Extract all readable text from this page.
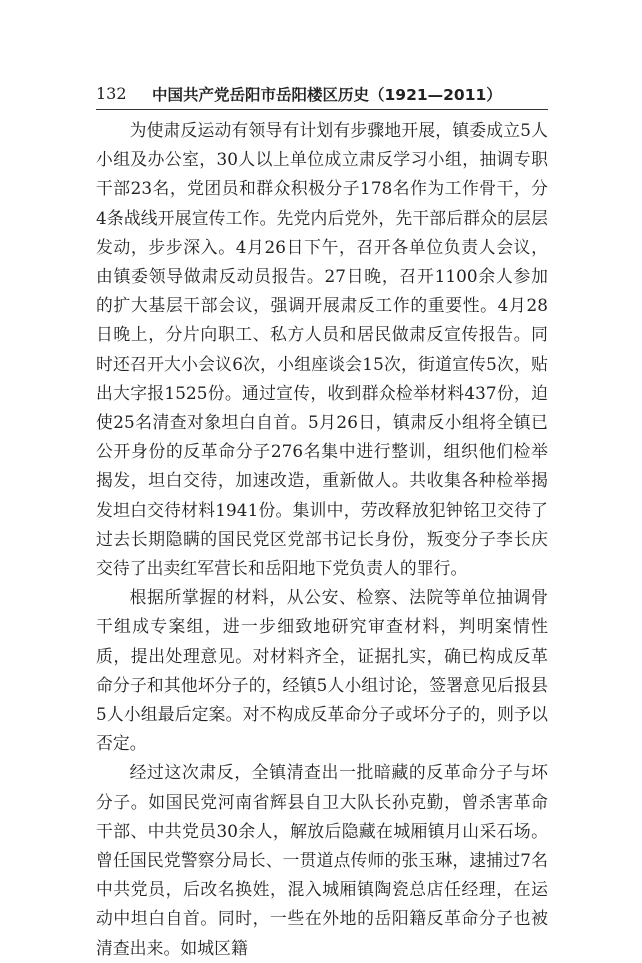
132 中国共产党岳阳市岳阳楼区历史（1921—2011）

为使肃反运动有领导有计划有步骤地开展，镇委成立5人小组及办公室，30人以上单位成立肃反学习小组，抽调专职干部23名，党团员和群众积极分子178名作为工作骨干，分4条战线开展宣传工作。先党内后党外，先干部后群众的层层发动，步步深入。4月26日下午，召开各单位负责人会议，由镇委领导做肃反动员报告。27日晚，召开1100余人参加的扩大基层干部会议，强调开展肃反工作的重要性。4月28日晚上，分片向职工、私方人员和居民做肃反宣传报告。同时还召开大小会议6次，小组座谈会15次，街道宣传5次，贴出大字报1525份。通过宣传，收到群众检举材料437份，迫使25名清查对象坦白自首。5月26日，镇肃反小组将全镇已公开身份的反革命分子276名集中进行整训，组织他们检举揭发，坦白交待，加速改造，重新做人。共收集各种检举揭发坦白交待材料1941份。集训中，劳改释放犯钟铭卫交待了过去长期隐瞒的国民党区党部书记长身份，叛变分子李长庆交待了出卖红军营长和岳阳地下党负责人的罪行。

根据所掌握的材料，从公安、检察、法院等单位抽调骨干组成专案组，进一步细致地研究审查材料，判明案情性质，提出处理意见。对材料齐全，证据扎实，确已构成反革命分子和其他坏分子的，经镇5人小组讨论，签署意见后报县5人小组最后定案。对不构成反革命分子或坏分子的，则予以否定。

经过这次肃反，全镇清查出一批暗藏的反革命分子与坏分子。如国民党河南省辉县自卫大队长孙克勤，曾杀害革命干部、中共党员30余人，解放后隐藏在城厢镇月山采石场。曾任国民党警察分局长、一贯道点传师的张玉琳，逮捕过7名中共党员，后改名换姓，混入城厢镇陶瓷总店任经理，在运动中坦白自首。同时，一些在外地的岳阳籍反革命分子也被清查出来。如城区籍
